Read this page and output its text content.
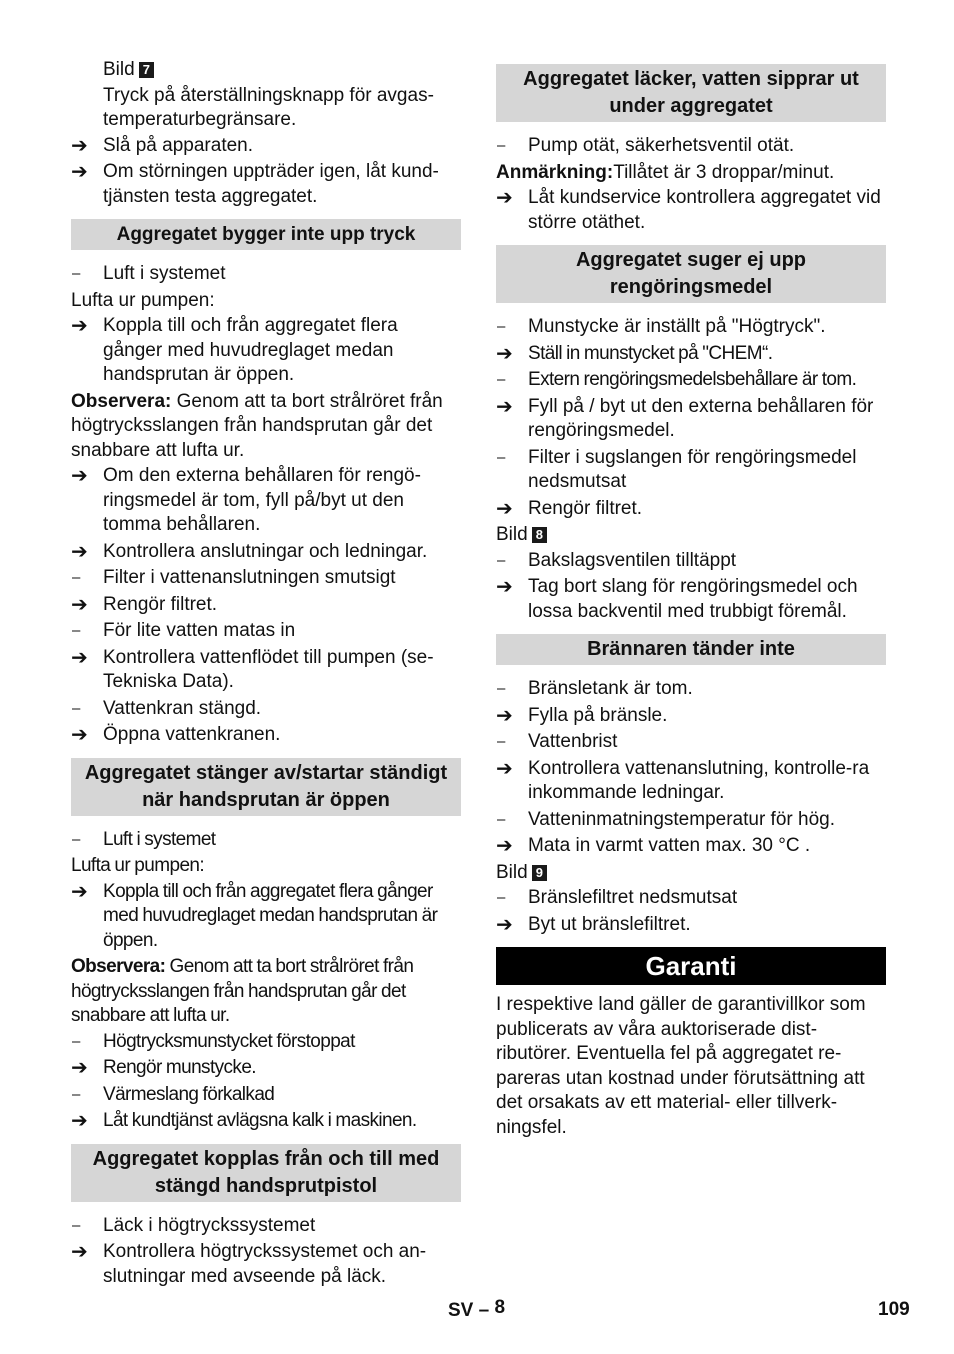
Bild 7
Tryck på återställningsknapp för avgas-temperaturbegränsare.
➔ Slå på apparaten.
➔ Om störningen uppträder igen, låt kund-tjänsten testa aggregatet.
Aggregatet bygger inte upp tryck
–	Luft i systemet
Lufta ur pumpen:
➔ Koppla till och från aggregatet flera gånger med huvudreglaget medan handsprutan är öppen.
Observera: Genom att ta bort strålröret från högtrycksslangen från handsprutan går det snabbare att lufta ur.
➔ Om den externa behållaren för rengö-ringsmedel är tom, fyll på/byt ut den tomma behållaren.
➔ Kontrollera anslutningar och ledningar.
–	Filter i vattenanslutningen smutsigt
➔ Rengör filtret.
–	För lite vatten matas in
➔ Kontrollera vattenflödet till pumpen (se-Tekniska Data).
–	Vattenkran stängd.
➔ Öppna vattenkranen.
Aggregatet stänger av/startar ständigt när handsprutan är öppen
–	Luft i systemet
Lufta ur pumpen:
➔ Koppla till och från aggregatet flera gånger med huvudreglaget medan handsprutan är öppen.
Observera: Genom att ta bort strålröret från högtrycksslangen från handsprutan går det snabbare att lufta ur.
–	Högtrycksmunstycket förstoppat
➔ Rengör munstycke.
–	Värmeslang förkalkad
➔ Låt kundtjänst avlägsna kalk i maskinen.
Aggregatet kopplas från och till med stängd handsprutpistol
–	Läck i högtryckssystemet
➔ Kontrollera högtryckssystemet och an-slutningar med avseende på läck.
Aggregatet läcker, vatten sipprar ut under aggregatet
–	Pump otät, säkerhetsventil otät.
Anmärkning:Tillåtet är 3 droppar/minut.
➔ Låt kundservice kontrollera aggregatet vid större otäthet.
Aggregatet suger ej upp rengöringsmedel
–	Munstycke är inställt på "Högtryck".
➔ Ställ in munstycket på "CHEM“.
–	Extern rengöringsmedelsbehållare är tom.
➔ Fyll på / byt ut den externa behållaren för rengöringsmedel.
–	Filter i sugslangen för rengöringsmedel nedsmutsat
➔ Rengör filtret.
Bild 8
–	Bakslagsventilen tilltäppt
➔ Tag bort slang för rengöringsmedel och lossa backventil med trubbigt föremål.
Brännaren tänder inte
–	Bränsletank är tom.
➔ Fylla på bränsle.
–	Vattenbrist
➔ Kontrollera vattenanslutning, kontrolle-ra inkommande ledningar.
–	Vatteninmatningstemperatur för hög.
➔ Mata in varmt vatten max. 30 °C .
Bild 9
–	Bränslefiltret nedsmutsat
➔ Byt ut bränslefiltret.
Garanti
I respektive land gäller de garantivillkor som publicerats av våra auktoriserade dist-ributörer. Eventuella fel på aggregatet re-pareras utan kostnad under förutsättning att det orsakats av ett material- eller tillverk-ningsfel.
SV – 8	109
